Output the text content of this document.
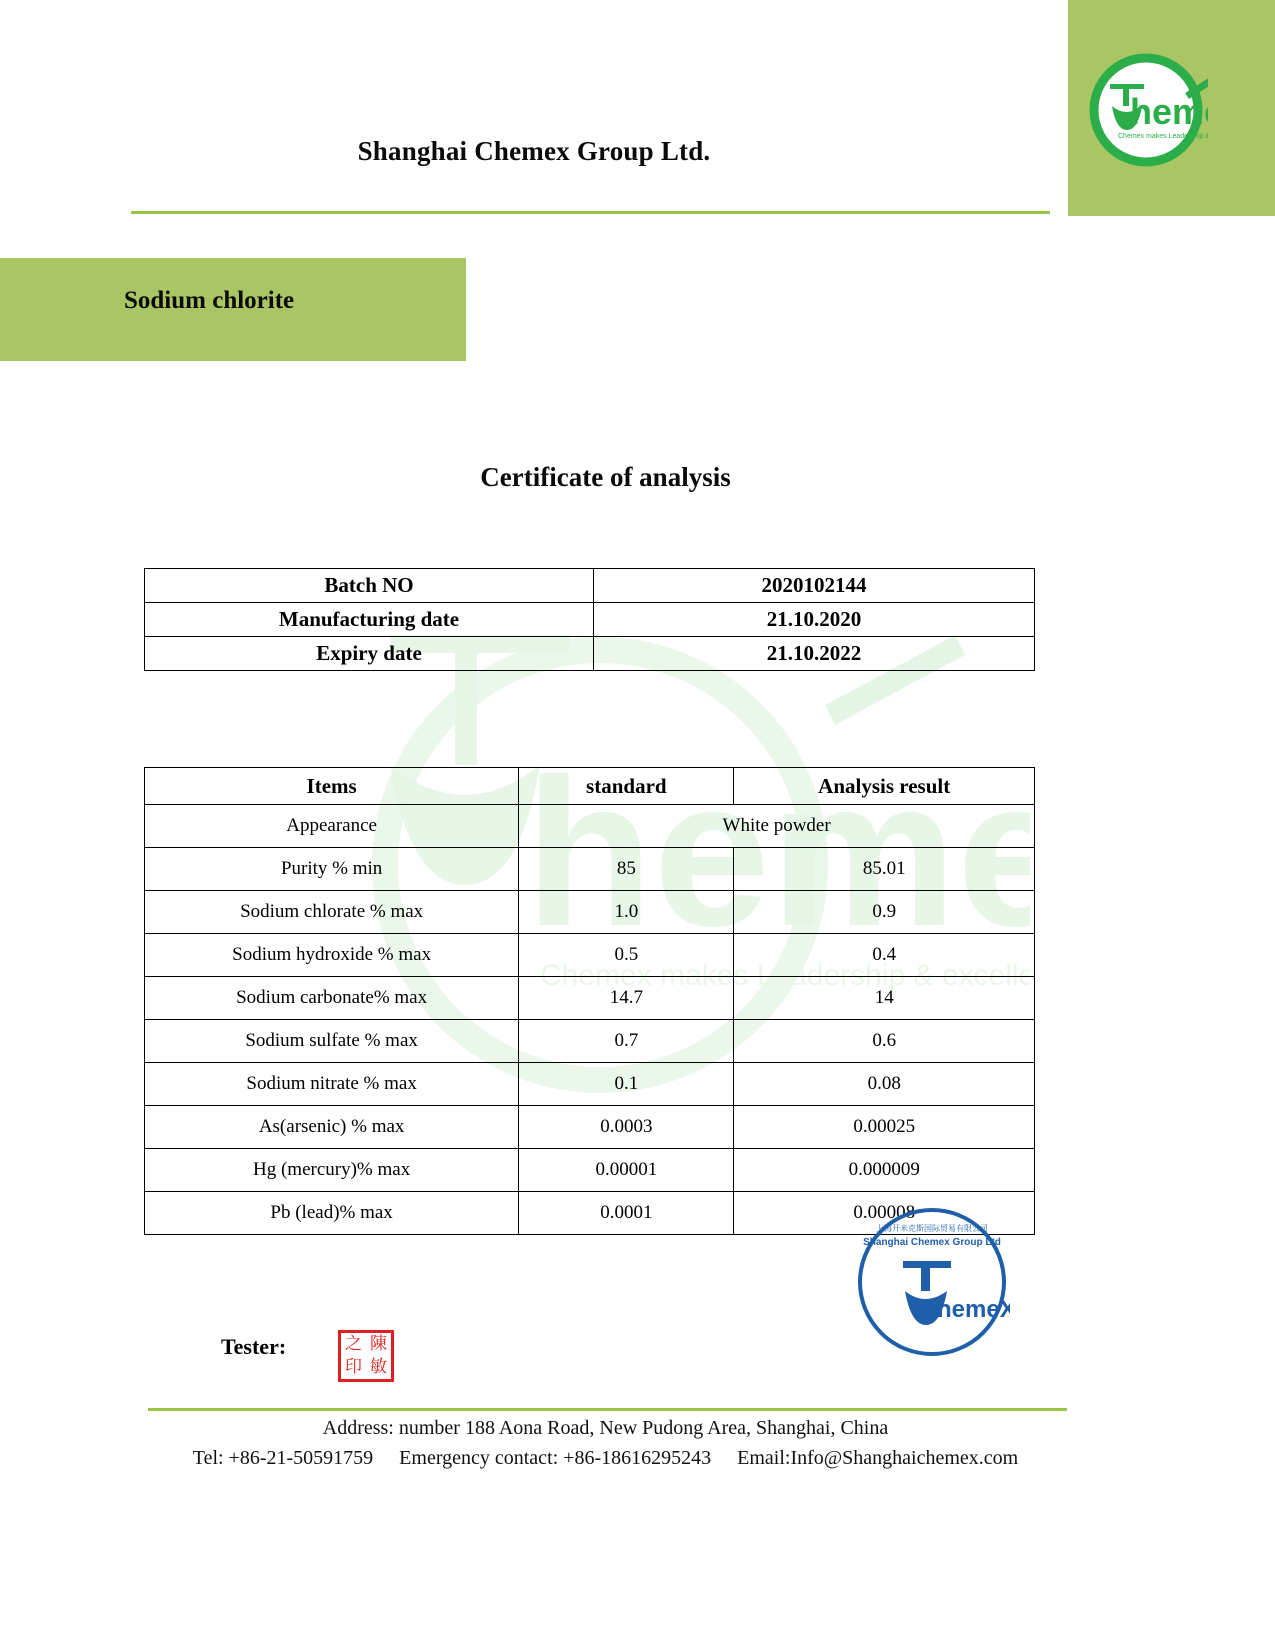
heme
Chemex makes Leadership & excellent
hem
Chemex makes Leadership
Shanghai Chemex Group Ltd.
Sodium chlorite
Certificate of analysis
Batch NO	2020102144
Manufacturing date	21.10.2020
Expiry date	21.10.2022
Items	standard	Analysis result
Appearance	White powder	
Purity % min	85	85.01
Sodium chlorate % max	1.0	0.9
Sodium hydroxide % max	0.5	0.4
Sodium carbonate% max	14.7	14
Sodium sulfate % max	0.7	0.6
Sodium nitrate % max	0.1	0.08
As(arsenic) % max	0.0003	0.00025
Hg (mercury)% max	0.00001	0.000009
Pb (lead)% max	0.0001	0.00008
上海开米克斯国际贸易有限公司
Shanghai Chemex Group Ltd
hemeX
Tester:	之 陳
印 敏
Address: number 188 Aona Road, New Pudong Area, Shanghai, China
Tel: +86-21-50591759 Emergency contact: +86-18616295243 Email:Info@Shanghaichemex.com
